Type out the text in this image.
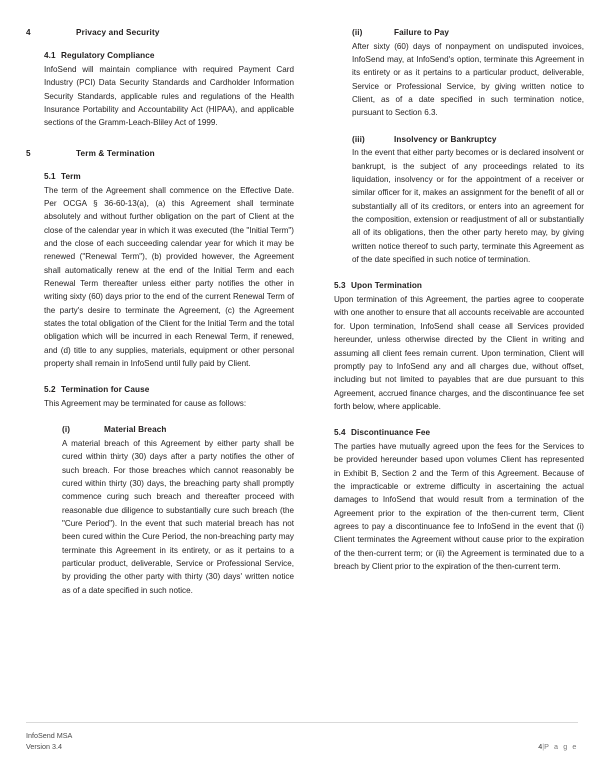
4	Privacy and Security
4.1 Regulatory Compliance

InfoSend will maintain compliance with required Payment Card Industry (PCI) Data Security Standards and Cardholder Information Security Standards, applicable rules and regulations of the Health Insurance Portability and Accountability Act (HIPAA), and applicable sections of the Gramm-Leach-Bliley Act of 1999.

5	Term & Termination
5.1 Term

The term of the Agreement shall commence on the Effective Date. Per OCGA § 36-60-13(a), (a) this Agreement shall terminate absolutely and without further obligation on the part of Client at the close of the calendar year in which it was executed (the "Initial Term") and the close of each succeeding calendar year for which it may be renewed ("Renewal Term"), (b) provided however, the Agreement shall automatically renew at the end of the Initial Term and each Renewal Term thereafter unless either party notifies the other in writing sixty (60) days prior to the end of the current Renewal Term of the party's desire to terminate the Agreement, (c) the Agreement states the total obligation of the Client for the Initial Term and the total obligation which will be incurred in each Renewal Term, if renewed, and (d) title to any supplies, materials, equipment or other personal property shall remain in InfoSend until fully paid by Client.

5.2 Termination for Cause

This Agreement may be terminated for cause as follows:

(i)	Material Breach

A material breach of this Agreement by either party shall be cured within thirty (30) days after a party notifies the other of such breach. For those breaches which cannot reasonably be cured within thirty (30) days, the breaching party shall promptly commence curing such breach and thereafter proceed with reasonable due diligence to substantially cure such breach (the "Cure Period"). In the event that such material breach has not been cured within the Cure Period, the non-breaching party may terminate this Agreement in its entirety, or as it pertains to a particular product, deliverable, Service or Professional Service, by providing the other party with thirty (30) days' written notice as of a date specified in such notice.

(ii)	Failure to Pay

After sixty (60) days of nonpayment on undisputed invoices, InfoSend may, at InfoSend's option, terminate this Agreement in its entirety or as it pertains to a particular product, deliverable, Service or Professional Service, by giving written notice to Client, as of a date specified in such termination notice, pursuant to Section 6.3.

(iii)	Insolvency or Bankruptcy

In the event that either party becomes or is declared insolvent or bankrupt, is the subject of any proceedings related to its liquidation, insolvency or for the appointment of a receiver or similar officer for it, makes an assignment for the benefit of all or substantially all of its creditors, or enters into an agreement for the composition, extension or readjustment of all or substantially all of its obligations, then the other party hereto may, by giving written notice thereof to such party, terminate this Agreement as of the date specified in such notice of termination.

5.3 Upon Termination

Upon termination of this Agreement, the parties agree to cooperate with one another to ensure that all accounts receivable are accounted for. Upon termination, InfoSend shall cease all Services provided hereunder, unless otherwise directed by the Client in writing and assuming all client fees remain current. Upon termination, Client will promptly pay to InfoSend any and all charges due, without offset, including but not limited to payables that are due pursuant to this Agreement, accrued finance charges, and the discontinuance fee set forth below, where applicable.

5.4 Discontinuance Fee

The parties have mutually agreed upon the fees for the Services to be provided hereunder based upon volumes Client has represented in Exhibit B, Section 2 and the Term of this Agreement. Because of the impracticable or extreme difficulty in ascertaining the actual damages to InfoSend that would result from a termination of the Agreement prior to the expiration of the then-current term, Client agrees to pay a discontinuance fee to InfoSend in the event that (i) Client terminates the Agreement without cause prior to the expiration of the then-current term; or (ii) the Agreement is terminated due to a breach by Client prior to the expiration of the then-current term.

InfoSend MSA
Version 3.4	4|P a g e
